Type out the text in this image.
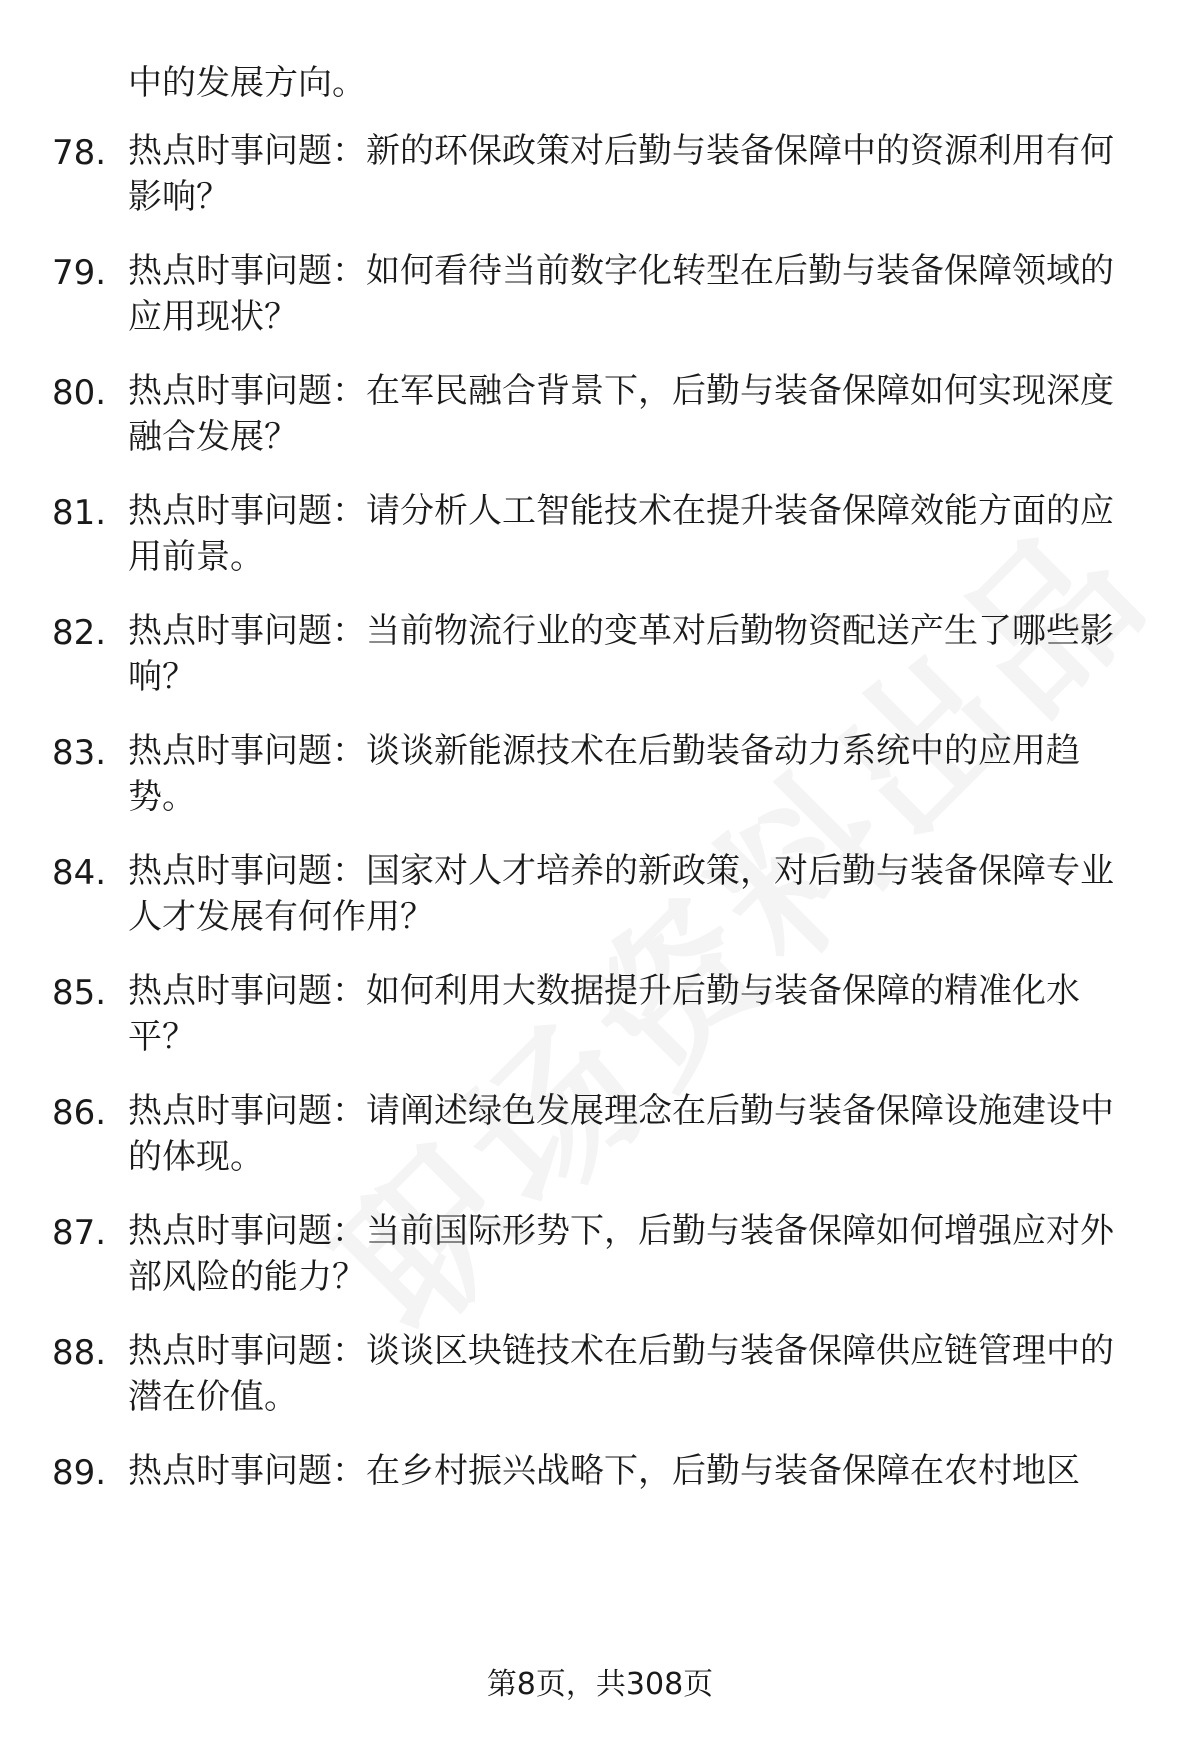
中的发展方向。

78. 热点时事问题：新的环保政策对后勤与装备保障中的资源利用有何影响？
79. 热点时事问题：如何看待当前数字化转型在后勤与装备保障领域的应用现状？
80. 热点时事问题：在军民融合背景下，后勤与装备保障如何实现深度融合发展？
81. 热点时事问题：请分析人工智能技术在提升装备保障效能方面的应用前景。
82. 热点时事问题：当前物流行业的变革对后勤物资配送产生了哪些影响？
83. 热点时事问题：谈谈新能源技术在后勤装备动力系统中的应用趋势。
84. 热点时事问题：国家对人才培养的新政策，对后勤与装备保障专业人才发展有何作用？
85. 热点时事问题：如何利用大数据提升后勤与装备保障的精准化水平？
86. 热点时事问题：请阐述绿色发展理念在后勤与装备保障设施建设中的体现。
87. 热点时事问题：当前国际形势下，后勤与装备保障如何增强应对外部风险的能力？
88. 热点时事问题：谈谈区块链技术在后勤与装备保障供应链管理中的潜在价值。
89. 热点时事问题：在乡村振兴战略下，后勤与装备保障在农村地区
第8页，共308页
